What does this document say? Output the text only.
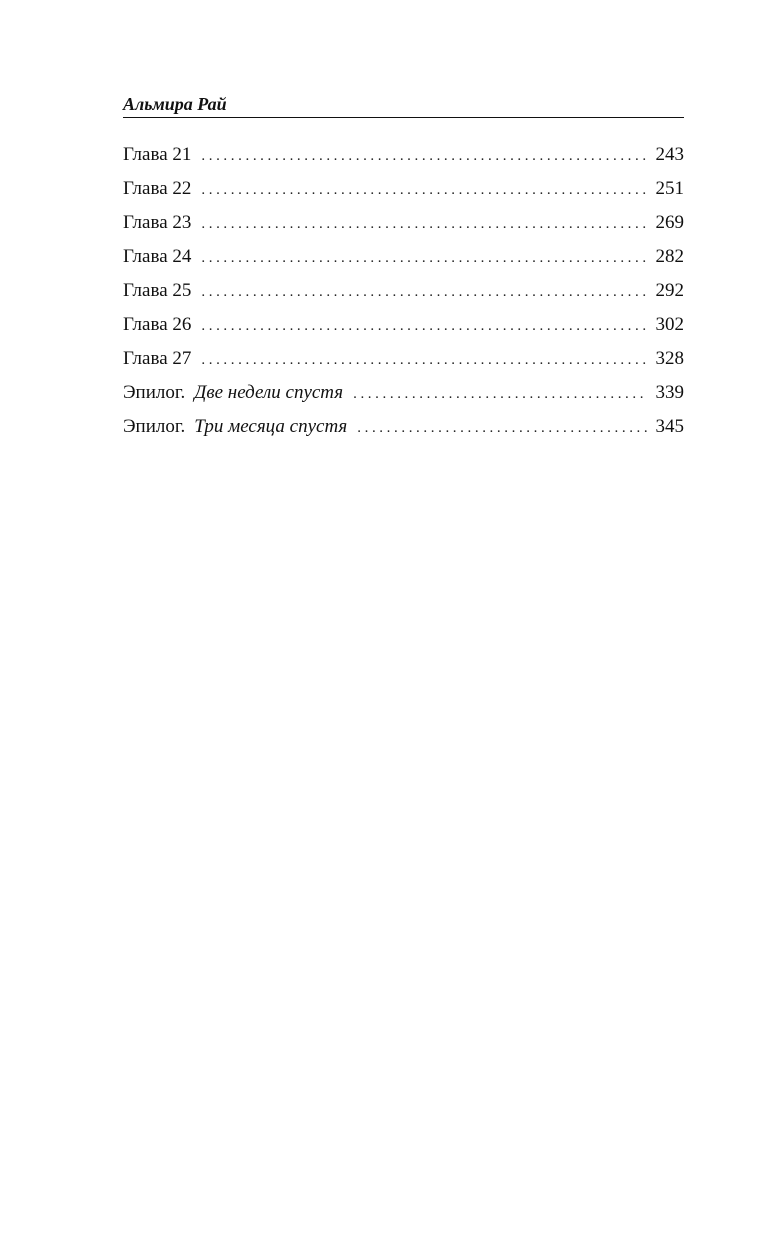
Альмира Рай
Глава 21 .....	243
Глава 22 .....	251
Глава 23 .....	269
Глава 24 .....	282
Глава 25 .....	292
Глава 26 .....	302
Глава 27 .....	328
Эпилог. Две недели спустя .....	339
Эпилог. Три месяца спустя .....	345
